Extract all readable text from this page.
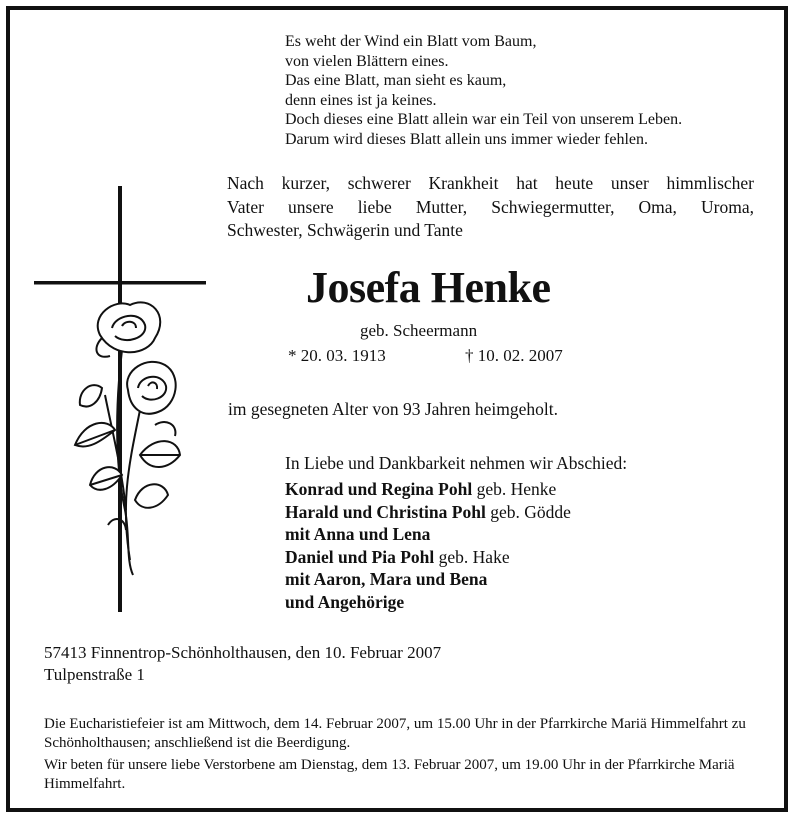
Es weht der Wind ein Blatt vom Baum,
von vielen Blättern eines.
Das eine Blatt, man sieht es kaum,
denn eines ist ja keines.
Doch dieses eine Blatt allein war ein Teil von unserem Leben.
Darum wird dieses Blatt allein uns immer wieder fehlen.
Nach kurzer, schwerer Krankheit hat heute unser himmlischer
Vater unsere liebe Mutter, Schwiegermutter, Oma, Uroma,
Schwester, Schwägerin und Tante
Josefa Henke
geb. Scheermann
* 20. 03. 1913	† 10. 02. 2007
im gesegneten Alter von 93 Jahren heimgeholt.
In Liebe und Dankbarkeit nehmen wir Abschied:
Konrad und Regina Pohl geb. Henke
Harald und Christina Pohl geb. Gödde
mit Anna und Lena
Daniel und Pia Pohl geb. Hake
mit Aaron, Mara und Bena
und Angehörige
57413 Finnentrop-Schönholthausen, den 10. Februar 2007
Tulpenstraße 1

Die Eucharistiefeier ist am Mittwoch, dem 14. Februar 2007, um 15.00 Uhr in der Pfarrkirche Mariä Himmelfahrt zu Schönholthausen; anschließend ist die Beerdigung.

Wir beten für unsere liebe Verstorbene am Dienstag, dem 13. Februar 2007, um 19.00 Uhr in der Pfarrkirche Mariä Himmelfahrt.
